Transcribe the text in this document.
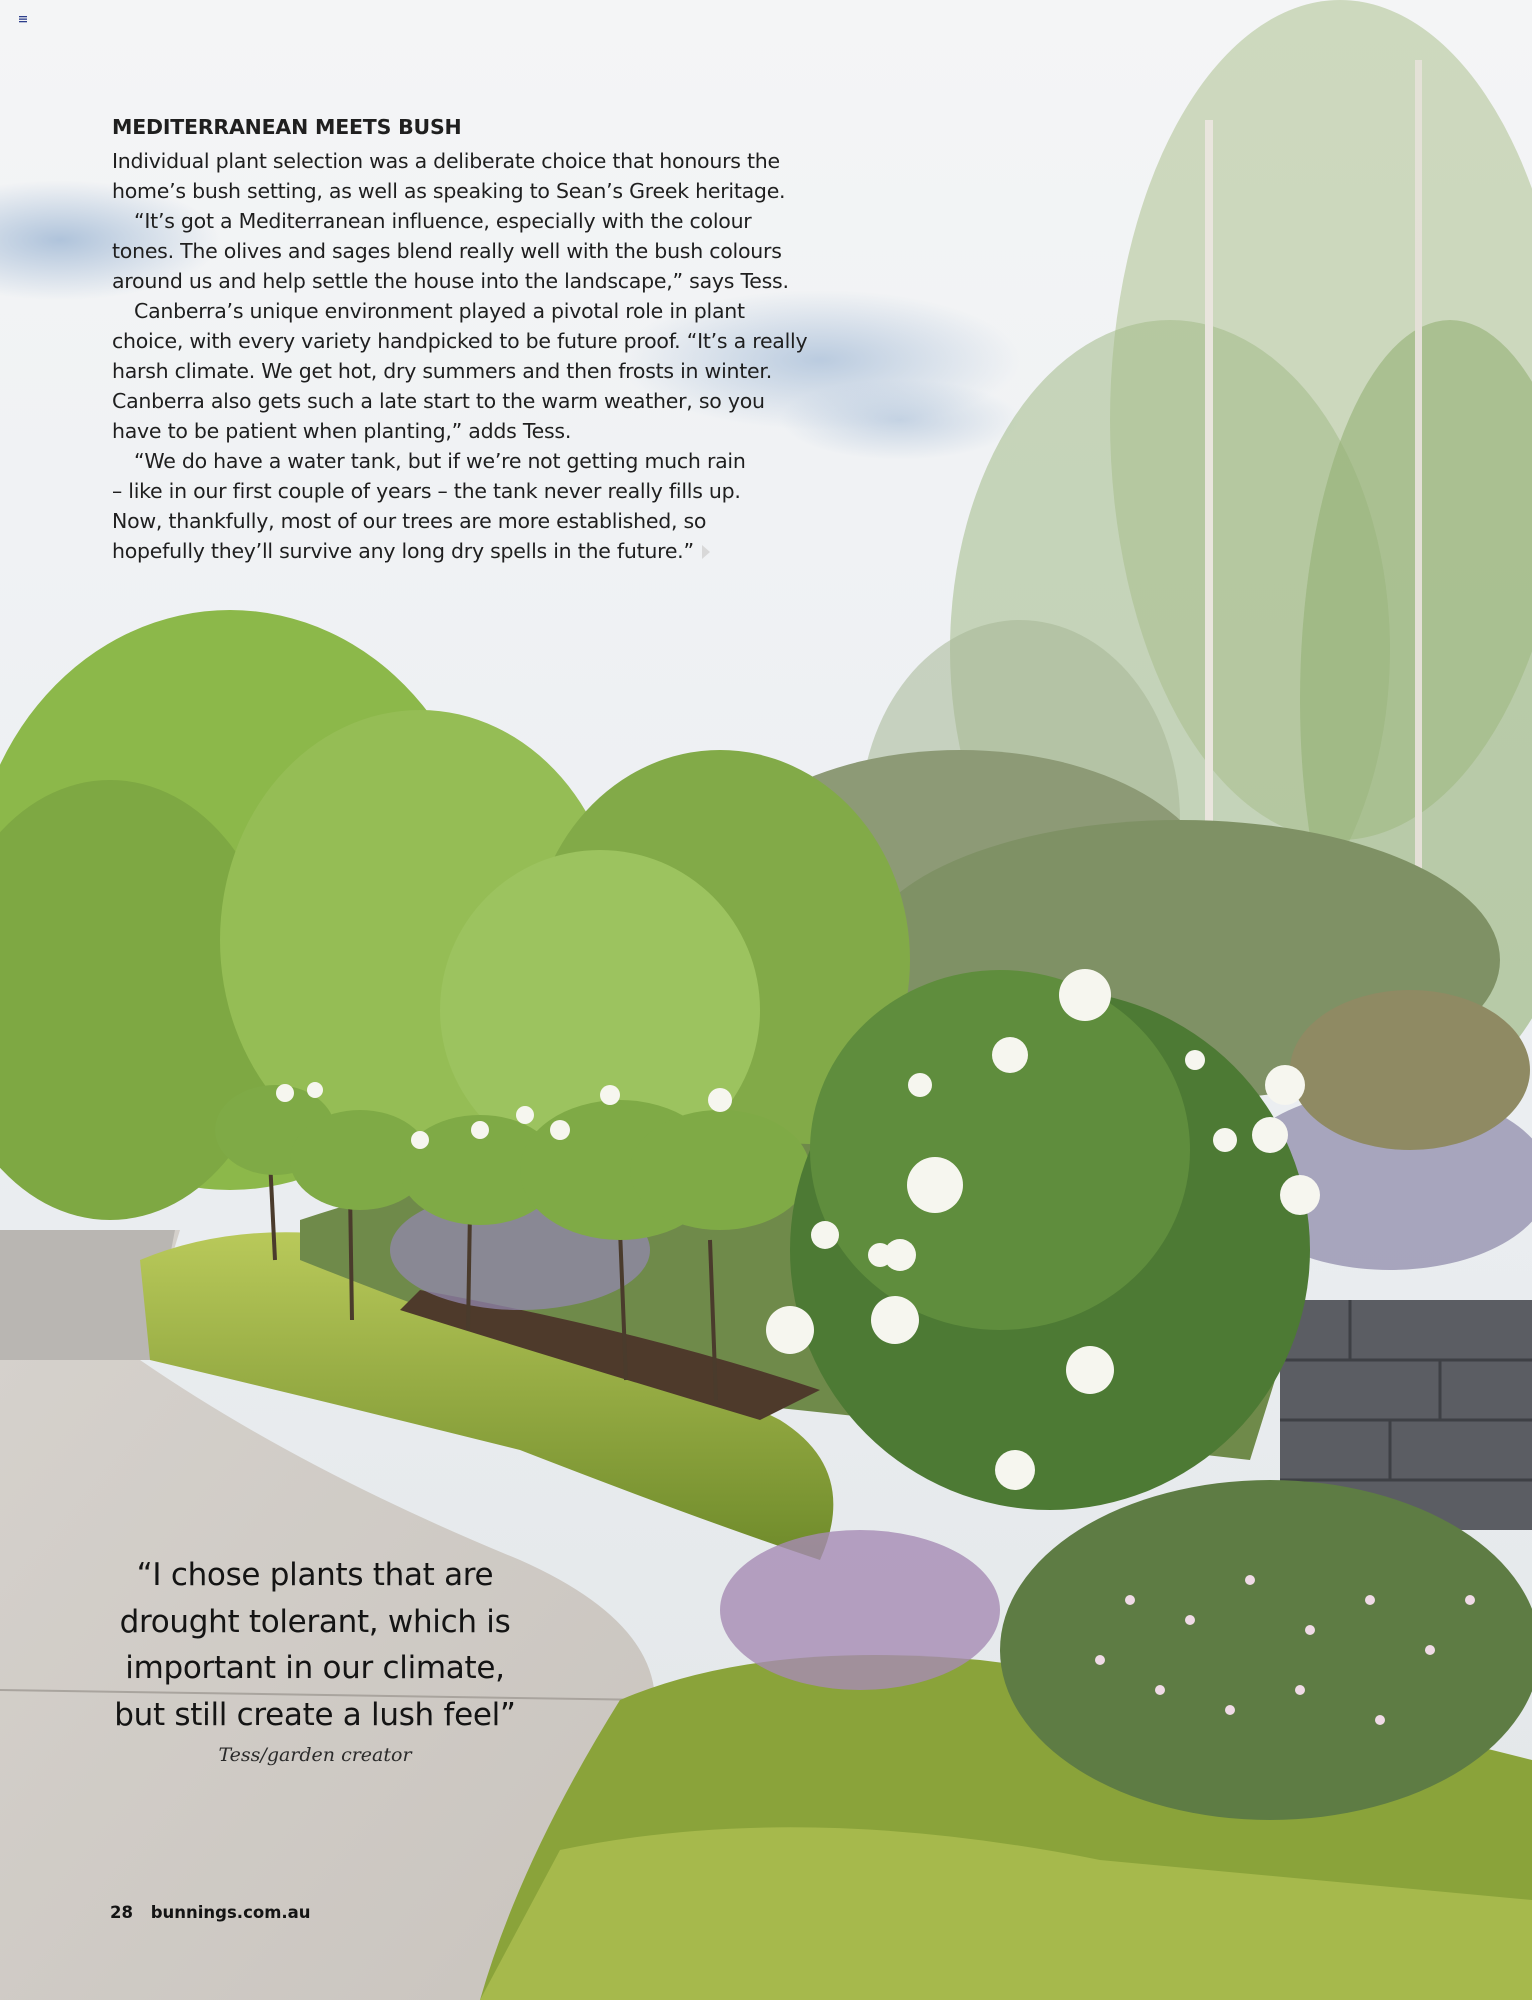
MEDITERRANEAN MEETS BUSH

Individual plant selection was a deliberate choice that honours the
home’s bush setting, as well as speaking to Sean’s Greek heritage.

“It’s got a Mediterranean influence, especially with the colour
tones. The olives and sages blend really well with the bush colours
around us and help settle the house into the landscape,” says Tess.

Canberra’s unique environment played a pivotal role in plant
choice, with every variety handpicked to be future proof. “It’s a really
harsh climate. We get hot, dry summers and then frosts in winter.
Canberra also gets such a late start to the warm weather, so you
have to be patient when planting,” adds Tess.

“We do have a water tank, but if we’re not getting much rain
– like in our first couple of years – the tank never really fills up.
Now, thankfully, most of our trees are more established, so
hopefully they’ll survive any long dry spells in the future.”

“I chose plants that are
drought tolerant, which is
important in our climate,
but still create a lush feel”

Tess/garden creator
28 bunnings.com.au
